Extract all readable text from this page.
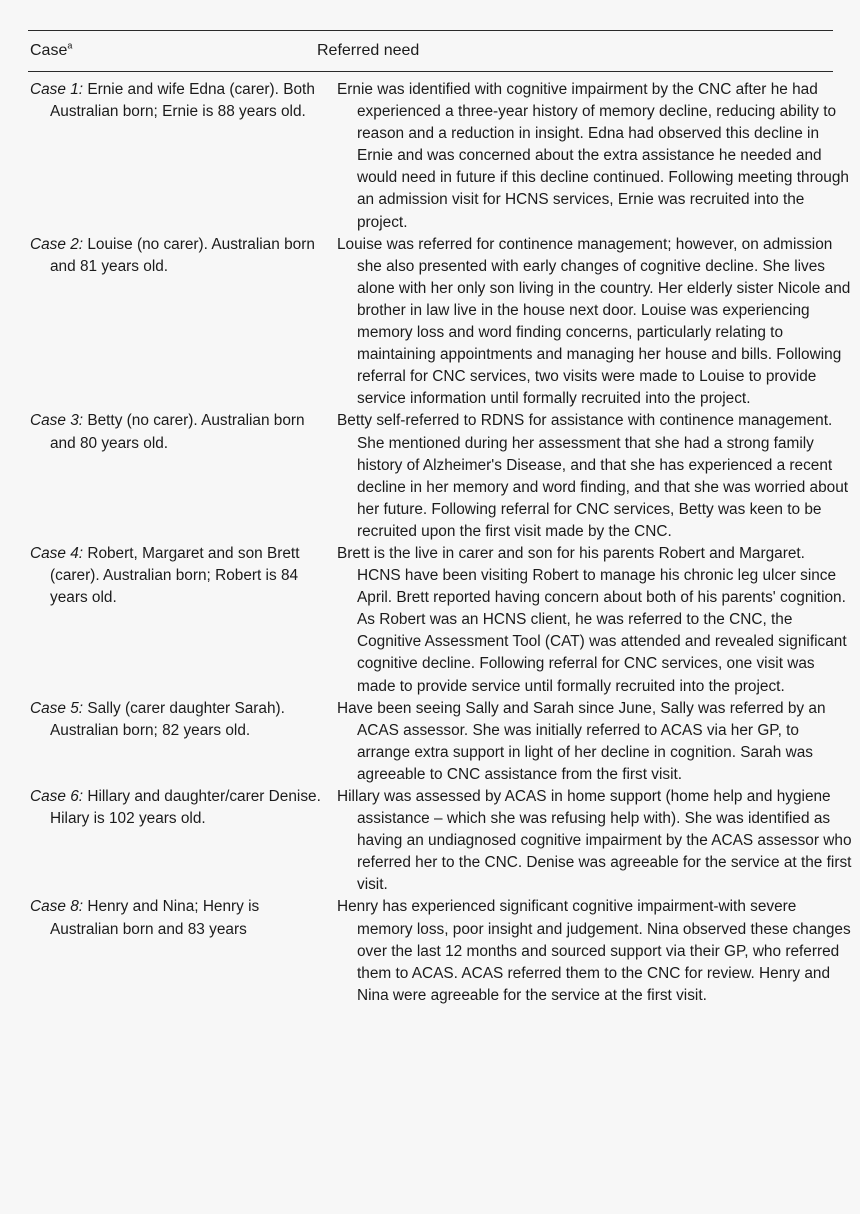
Case$^a$	Referred need
Case 1: Ernie and wife Edna (carer). Both Australian born; Ernie is 88 years old.
Ernie was identified with cognitive impairment by the CNC after he had experienced a three-year history of memory decline, reducing ability to reason and a reduction in insight. Edna had observed this decline in Ernie and was concerned about the extra assistance he needed and would need in future if this decline continued. Following meeting through an admission visit for HCNS services, Ernie was recruited into the project.
Case 2: Louise (no carer). Australian born and 81 years old.
Louise was referred for continence management; however, on admission she also presented with early changes of cognitive decline. She lives alone with her only son living in the country. Her elderly sister Nicole and brother in law live in the house next door. Louise was experiencing memory loss and word finding concerns, particularly relating to maintaining appointments and managing her house and bills. Following referral for CNC services, two visits were made to Louise to provide service information until formally recruited into the project.
Case 3: Betty (no carer). Australian born and 80 years old.
Betty self-referred to RDNS for assistance with continence management. She mentioned during her assessment that she had a strong family history of Alzheimer's Disease, and that she has experienced a recent decline in her memory and word finding, and that she was worried about her future. Following referral for CNC services, Betty was keen to be recruited upon the first visit made by the CNC.
Case 4: Robert, Margaret and son Brett (carer). Australian born; Robert is 84 years old.
Brett is the live in carer and son for his parents Robert and Margaret. HCNS have been visiting Robert to manage his chronic leg ulcer since April. Brett reported having concern about both of his parents' cognition. As Robert was an HCNS client, he was referred to the CNC, the Cognitive Assessment Tool (CAT) was attended and revealed significant cognitive decline. Following referral for CNC services, one visit was made to provide service until formally recruited into the project.
Case 5: Sally (carer daughter Sarah). Australian born; 82 years old.
Have been seeing Sally and Sarah since June, Sally was referred by an ACAS assessor. She was initially referred to ACAS via her GP, to arrange extra support in light of her decline in cognition. Sarah was agreeable to CNC assistance from the first visit.
Case 6: Hillary and daughter/carer Denise. Hilary is 102 years old.
Hillary was assessed by ACAS in home support (home help and hygiene assistance – which she was refusing help with). She was identified as having an undiagnosed cognitive impairment by the ACAS assessor who referred her to the CNC. Denise was agreeable for the service at the first visit.
Case 8: Henry and Nina; Henry is Australian born and 83 years
Henry has experienced significant cognitive impairment-with severe memory loss, poor insight and judgement. Nina observed these changes over the last 12 months and sourced support via their GP, who referred them to ACAS. ACAS referred them to the CNC for review. Henry and Nina were agreeable for the service at the first visit.
